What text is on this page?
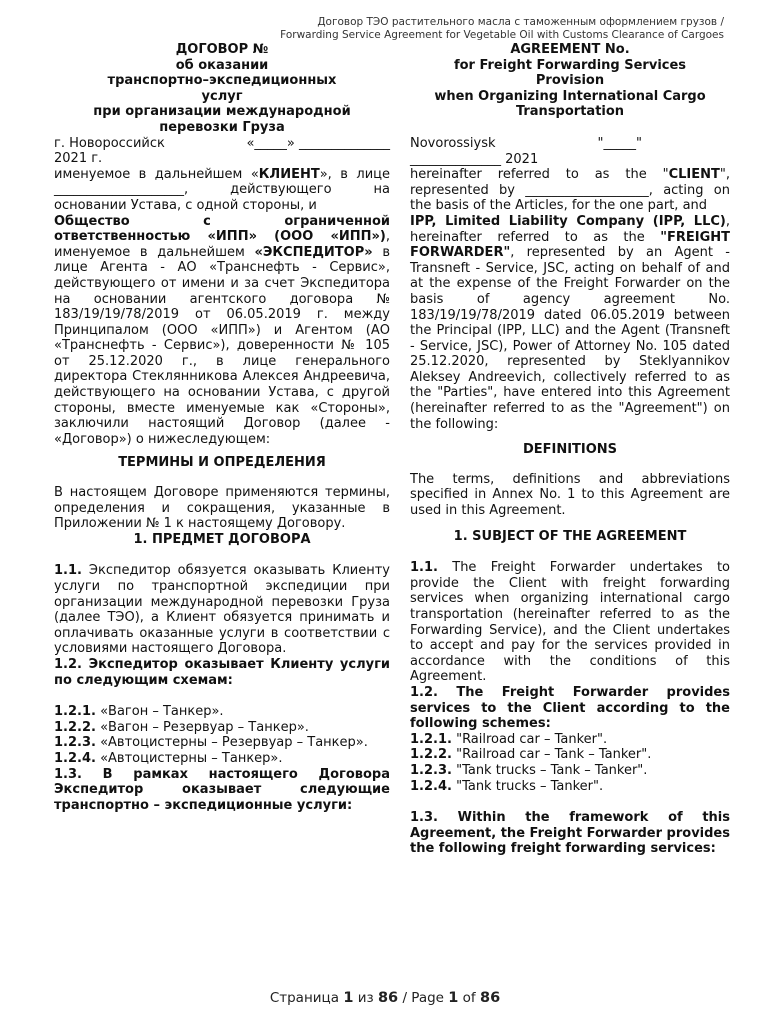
Договор ТЭО растительного масла с таможенным оформлением грузов /
Forwarding Service Agreement for Vegetable Oil with Customs Clearance of Cargoes

ДОГОВОР №

об оказании

транспортно–экспедиционных

услуг

при организации международной

перевозки Груза

г. Новороссийск	«_____» ______________

2021 г.

именуемое в дальнейшем «КЛИЕНТ», в лице ____________________, действующего на основании Устава, с одной стороны, и

Общество с ограниченной ответственностью «ИПП» (ООО «ИПП»), именуемое в дальнейшем «ЭКСПЕДИТОР» в лице Агента - АО «Транснефть - Сервис», действующего от имени и за счет Экспедитора на основании агентского договора № 183/19/19/78/2019 от 06.05.2019 г. между Принципалом (ООО «ИПП») и Агентом (АО «Транснефть - Сервис»), доверенности № 105 от 25.12.2020 г., в лице генерального директора Стеклянникова Алексея Андреевича, действующего на основании Устава, с другой стороны, вместе именуемые как «Стороны», заключили настоящий Договор (далее - «Договор») о нижеследующем:

ТЕРМИНЫ И ОПРЕДЕЛЕНИЯ

В настоящем Договоре применяются термины, определения и сокращения, указанные в Приложении № 1 к настоящему Договору.

1. ПРЕДМЕТ ДОГОВОРА

1.1. Экспедитор обязуется оказывать Клиенту услуги по транспортной экспедиции при организации международной перевозки Груза (далее ТЭО), а Клиент обязуется принимать и оплачивать оказанные услуги в соответствии с условиями настоящего Договора.

1.2. Экспедитор оказывает Клиенту услуги по следующим схемам:

1.2.1. «Вагон – Танкер».

1.2.2. «Вагон – Резервуар – Танкер».

1.2.3. «Автоцистерны – Резервуар – Танкер».

1.2.4. «Автоцистерны – Танкер».

1.3. В рамках настоящего Договора Экспедитор оказывает следующие транспортно – экспедиционные услуги:

AGREEMENT No.

for Freight Forwarding Services

Provision

when Organizing International Cargo

Transportation

Novorossiysk	"_____"

______________ 2021

hereinafter referred to as the "CLIENT", represented by ___________________, acting on the basis of the Articles, for the one part, and

IPP, Limited Liability Company (IPP, LLC), hereinafter referred to as the "FREIGHT FORWARDER", represented by an Agent - Transneft - Service, JSC, acting on behalf of and at the expense of the Freight Forwarder on the basis of agency agreement No. 183/19/19/78/2019 dated 06.05.2019 between the Principal (IPP, LLC) and the Agent (Transneft - Service, JSC), Power of Attorney No. 105 dated 25.12.2020, represented by Steklyannikov Aleksey Andreevich, collectively referred to as the "Parties", have entered into this Agreement (hereinafter referred to as the "Agreement") on the following:

DEFINITIONS

The terms, definitions and abbreviations specified in Annex No. 1 to this Agreement are used in this Agreement.

1. SUBJECT OF THE AGREEMENT

1.1. The Freight Forwarder undertakes to provide the Client with freight forwarding services when organizing international cargo transportation (hereinafter referred to as the Forwarding Service), and the Client undertakes to accept and pay for the services provided in accordance with the conditions of this Agreement.

1.2. The Freight Forwarder provides services to the Client according to the following schemes:

1.2.1. "Railroad car – Tanker".

1.2.2. "Railroad car – Tank – Tanker".

1.2.3. "Tank trucks – Tank – Tanker".

1.2.4. "Tank trucks – Tanker".

1.3. Within the framework of this Agreement, the Freight Forwarder provides the following freight forwarding services:

Страница 1 из 86 / Page 1 of 86
